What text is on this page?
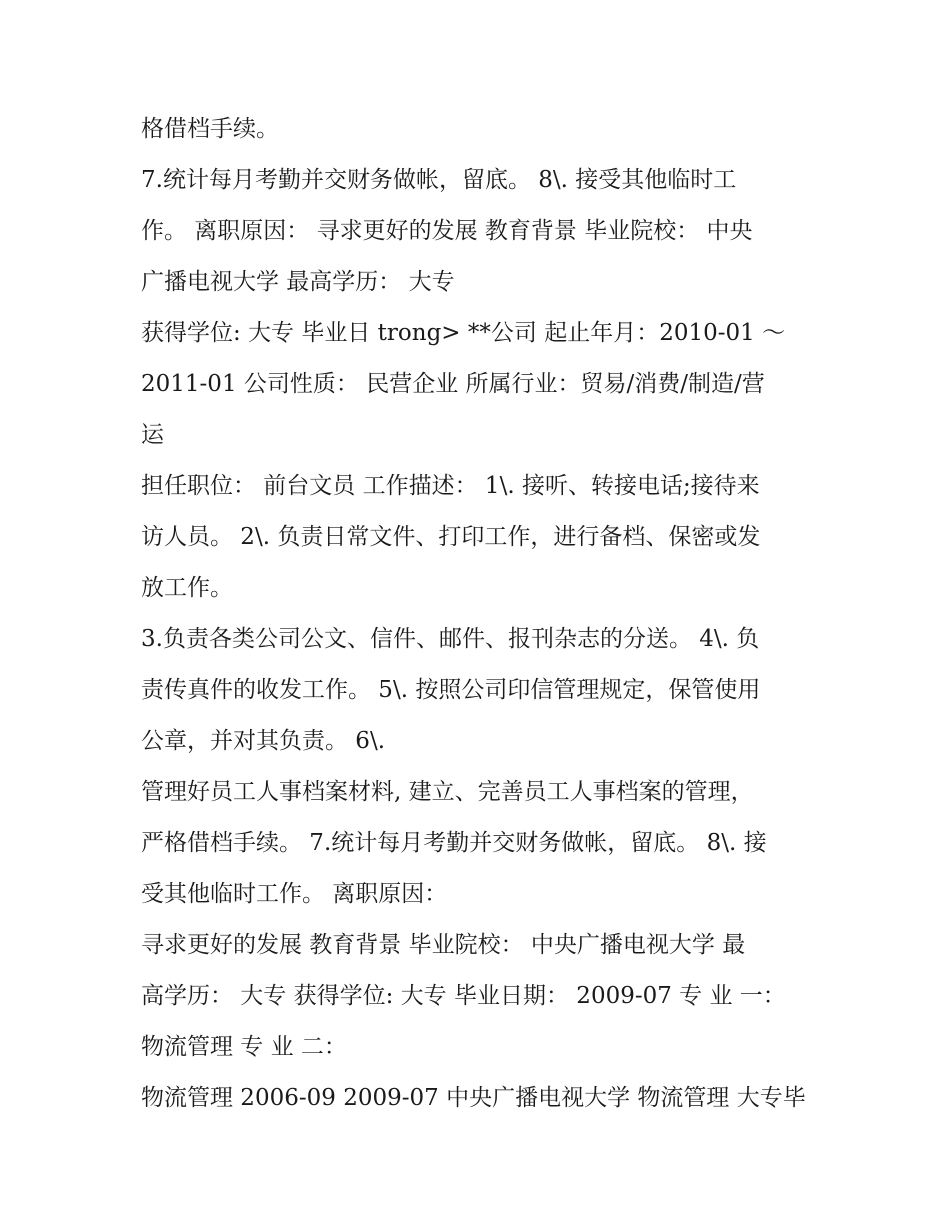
格借档手续。
7.统计每月考勤并交财务做帐，留底。 8\. 接受其他临时工
作。 离职原因： 寻求更好的发展 教育背景 毕业院校： 中央
广播电视大学 最高学历： 大专
获得学位: 大专 毕业日 trong> **公司 起止年月：2010-01 ～
2011-01 公司性质： 民营企业 所属行业：贸易/消费/制造/营
运
担任职位： 前台文员 工作描述： 1\. 接听、转接电话;接待来
访人员。 2\. 负责日常文件、打印工作，进行备档、保密或发
放工作。
3.负责各类公司公文、信件、邮件、报刊杂志的分送。 4\. 负
责传真件的收发工作。 5\. 按照公司印信管理规定，保管使用
公章，并对其负责。 6\.
管理好员工人事档案材料, 建立、完善员工人事档案的管理，
严格借档手续。 7.统计每月考勤并交财务做帐，留底。 8\. 接
受其他临时工作。 离职原因：
寻求更好的发展 教育背景 毕业院校： 中央广播电视大学 最
高学历： 大专 获得学位: 大专 毕业日期： 2009-07 专 业 一：
物流管理 专 业 二：
物流管理 2006-09 2009-07 中央广播电视大学 物流管理 大专毕
